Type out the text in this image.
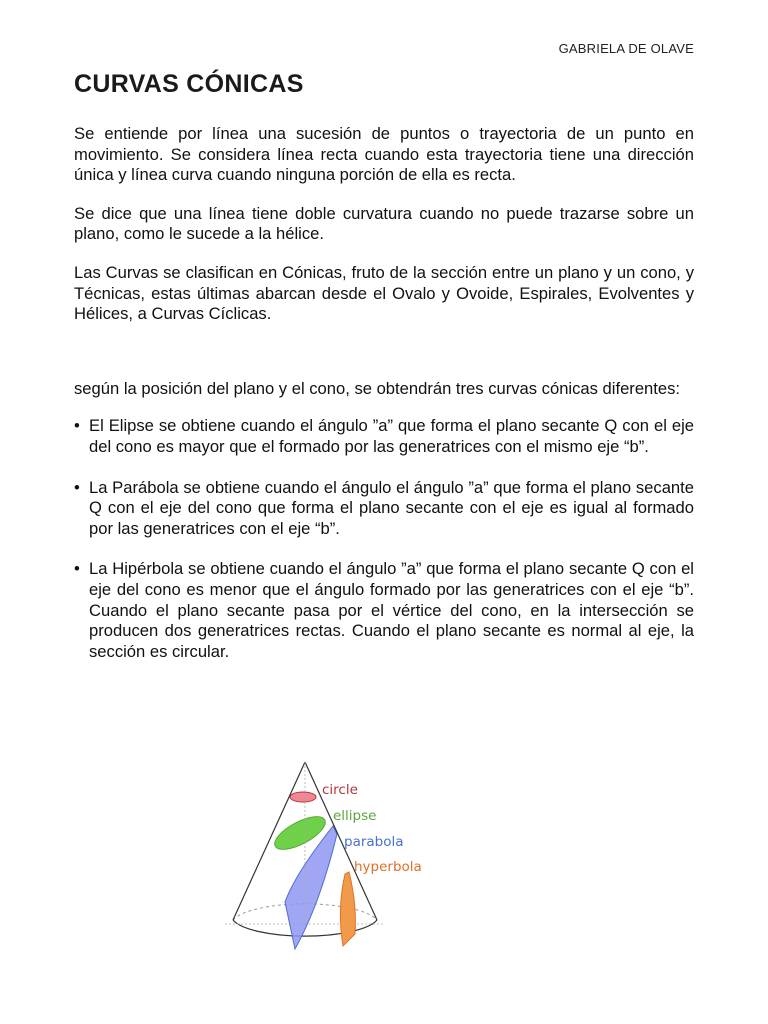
GABRIELA DE OLAVE
CURVAS CÓNICAS

Se entiende por línea una sucesión de puntos o trayectoria de un punto en movimiento. Se considera línea recta cuando esta trayectoria tiene una dirección única y línea curva cuando ninguna porción de ella es recta.

Se dice que una línea tiene doble curvatura cuando no puede trazarse sobre un plano, como le sucede a la hélice.

Las Curvas se clasifican en Cónicas, fruto de la sección entre un plano y un cono, y Técnicas, estas últimas abarcan desde el Ovalo y Ovoide, Espirales, Evolventes y Hélices, a Curvas Cíclicas.

según la posición del plano y el cono, se obtendrán tres curvas cónicas diferentes:

• El Elipse se obtiene cuando el ángulo ”a” que forma el plano secante Q con el eje del cono es mayor que el formado por las generatrices con el mismo eje “b”.
• La Parábola se obtiene cuando el ángulo el ángulo ”a” que forma el plano secante Q con el eje del cono que forma el plano secante con el eje es igual al formado por las generatrices con el eje “b”.
• La Hipérbola se obtiene cuando el ángulo ”a” que forma el plano secante Q con el eje del cono es menor que el ángulo formado por las generatrices con el eje “b”. Cuando el plano secante pasa por el vértice del cono, en la intersección se producen dos generatrices rectas. Cuando el plano secante es normal al eje, la sección es circular.
circle
ellipse
parabola
hyperbola
